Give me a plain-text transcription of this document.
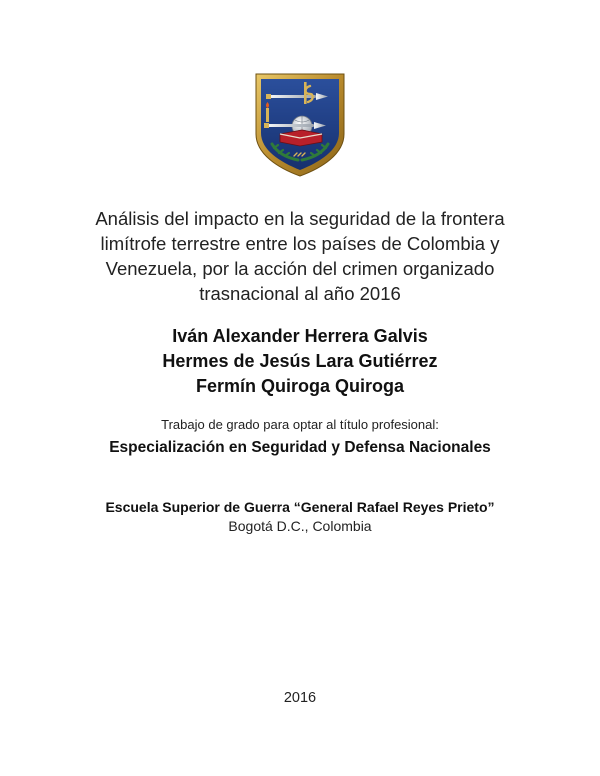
Análisis del impacto en la seguridad de la frontera
limítrofe terrestre entre los países de Colombia y
Venezuela, por la acción del crimen organizado
trasnacional al año 2016
Iván Alexander Herrera Galvis
Hermes de Jesús Lara Gutiérrez
Fermín Quiroga Quiroga
Trabajo de grado para optar al título profesional:
Especialización en Seguridad y Defensa Nacionales
Escuela Superior de Guerra “General Rafael Reyes Prieto”
Bogotá D.C., Colombia
2016
